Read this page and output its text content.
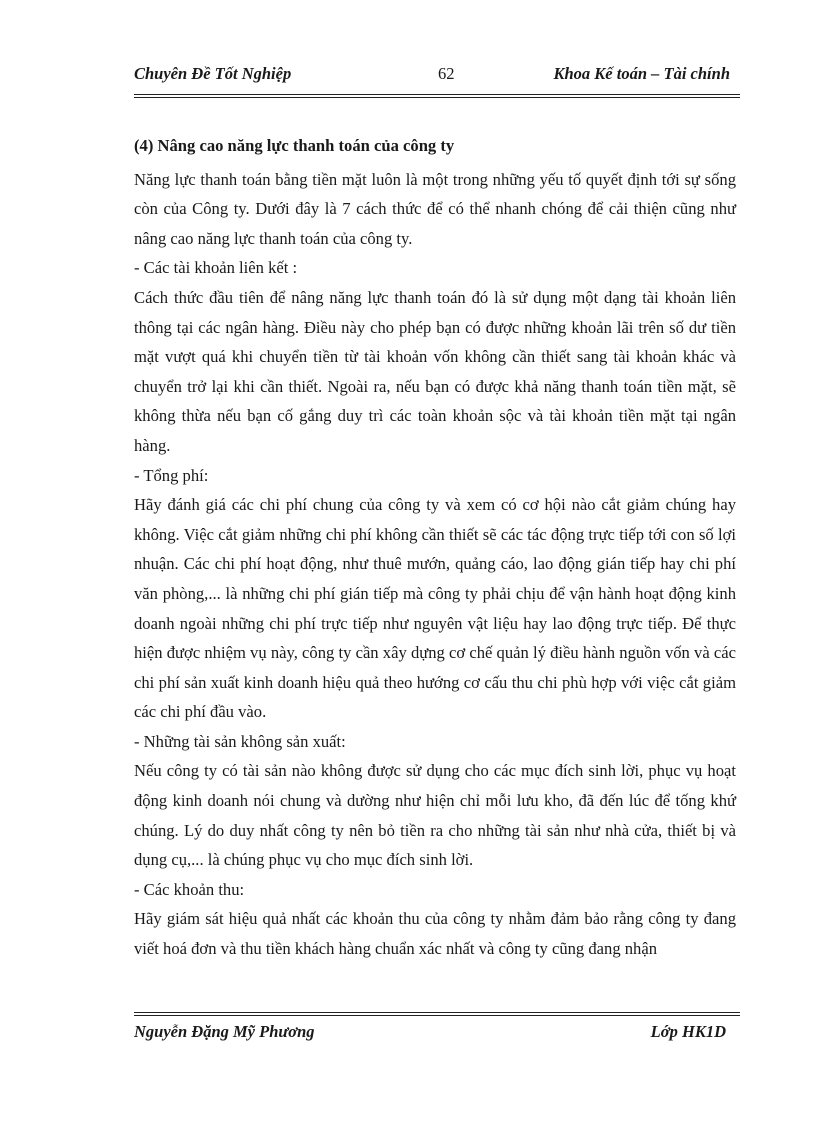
Chuyên Đề Tốt Nghiệp	62	Khoa Kế toán – Tài chính

(4) Nâng cao năng lực thanh toán của công ty

Năng lực thanh toán bằng tiền mặt luôn là một trong những yếu tố quyết định tới sự sống còn của Công ty. Dưới đây là 7 cách thức để có thể nhanh chóng để cải thiện cũng như nâng cao năng lực thanh toán của công ty.

- Các tài khoản liên kết :

Cách thức đầu tiên để nâng năng lực thanh toán đó là sử dụng một dạng tài khoản liên thông tại các ngân hàng. Điều này cho phép bạn có được những khoản lãi trên số dư tiền mặt vượt quá khi chuyển tiền từ tài khoản vốn không cần thiết sang tài khoản khác và chuyển trở lại khi cần thiết. Ngoài ra, nếu bạn có được khả năng thanh toán tiền mặt, sẽ không thừa nếu bạn cố gắng duy trì các toàn khoản sộc và tài khoản tiền mặt tại ngân hàng.

- Tổng phí:

Hãy đánh giá các chi phí chung của công ty và xem có cơ hội nào cắt giảm chúng hay không. Việc cắt giảm những chi phí không cần thiết sẽ các tác động trực tiếp tới con số lợi nhuận. Các chi phí hoạt động, như thuê mướn, quảng cáo, lao động gián tiếp hay chi phí văn phòng,... là những chi phí gián tiếp mà công ty phải chịu để vận hành hoạt động kinh doanh ngoài những chi phí trực tiếp như nguyên vật liệu hay lao động trực tiếp. Để thực hiện được nhiệm vụ này, công ty cần xây dựng cơ chế quản lý điều hành nguồn vốn và các chi phí sản xuất kinh doanh hiệu quả theo hướng cơ cấu thu chi phù hợp với việc cắt giảm các chi phí đầu vào.

- Những tài sản không sản xuất:

Nếu công ty có tài sản nào không được sử dụng cho các mục đích sinh lời, phục vụ hoạt động kinh doanh nói chung và dường như hiện chỉ mỗi lưu kho, đã đến lúc để tống khứ chúng. Lý do duy nhất công ty nên bỏ tiền ra cho những tài sản như nhà cửa, thiết bị và dụng cụ,... là chúng phục vụ cho mục đích sinh lời.

- Các khoản thu:

Hãy giám sát hiệu quả nhất các khoản thu của công ty nhằm đảm bảo rằng công ty đang viết hoá đơn và thu tiền khách hàng chuẩn xác nhất và công ty cũng đang nhận

Nguyễn Đặng Mỹ Phương	Lớp HK1D
